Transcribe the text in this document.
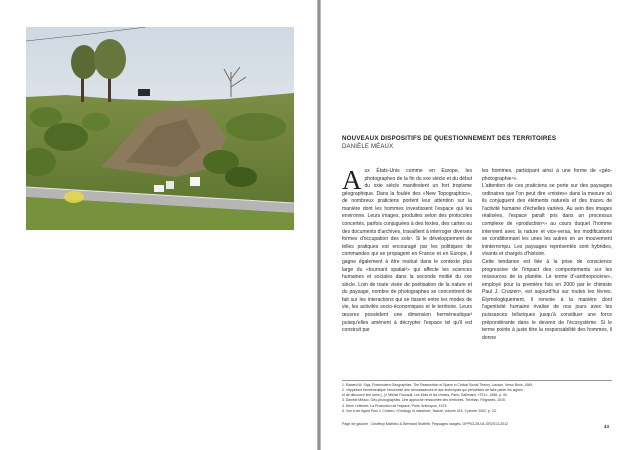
NOUVEAUX DISPOSITIFS DE QUESTIONNEMENT DES TERRITOIRES
DANIÈLE MÉAUX

Aux États-Unis comme en Europe, les photographes de la fin du xxe siècle et du début du xxie siècle manifestent un fort tropisme géographique. Dans la foulée des «New Topographics», de nombreux praticiens portent leur attention sur la manière dont les hommes investissent l'espace qui les environne. Leurs images, produites selon des protocoles concertés, parfois conjuguées à des textes, des cartes ou des documents d'archives, travaillent à interroger diverses formes d'occupation des sols¹. Si le développement de telles pratiques est encouragé par les politiques de commandes qui se propagent en France et en Europe, il gagne également à être resitué dans le contexte plus large du «tournant spatial²» qui affecte les sciences humaines et sociales dans la seconde moitié du xxe siècle. Loin de toute visée de poétisation de la nature et du paysage, nombre de photographes se concentrent de fait sur les interactions qui se tissent entre les modes de vie, les activités socio-économiques et le territoire. Leurs œuvres possèdent une dimension herméneutique³ puisqu'elles amènent à décrypter l'espace tel qu'il est construit par

les hommes, participant ainsi à une forme de «géo-photographie⁴».

L'attention de ces praticiens se porte sur des paysages ordinaires que l'on peut dire «mixtes» dans la mesure où ils conjuguent des éléments naturels et des traces de l'activité humaine d'échelles variées. Au sein des images réalisées, l'espace paraît pris dans un processus complexe de «production⁵» au cours duquel l'homme intervient avec la nature et vice-versa, les modifications se conditionnant les unes les autres en un mouvement ininterrompu. Les paysages représentés sont hybrides, vivants et chargés d'histoire.

Cette tendance est liée à la prise de conscience progressive de l'impact des comportements sur les ressources de la planète. Le terme d'«anthropocène», employé pour la première fois en 2000 par le chimiste Paul J. Crutzen⁶, est aujourd'hui sur toutes les lèvres. Étymologiquement, il renvoie à la manière dont l'agentivité humaine rivalise de nos jours avec les puissances telluriques jusqu'à constituer une force prépondérante dans le devenir de l'écosystème. Si le terme pointe à juste titre la responsabilité des hommes, il donne

1. Edward W. Soja, Postmodern Geographies. The Reassertion of Space in Critical Social Theory, London, Verso Book, 1989.

2. «Appelons herméneutique l'ensemble des connaissances et des techniques qui permettent de faire parler les signes

et de découvrir leur sens [...]» Michel Foucault, Les Mots et les choses, Paris, Gallimard, «TEL», 1966, p. 44.

3. Danièle Méaux, Géo-photographies. Une approche renouvelée des territoires, Trézélan, Filigranes, 2015.

4. Henri Lefebvre, La Production de l'espace, Paris, Anthropos, 1974.

5. Voir à cet égard Paul J. Crutzen, «Geology of mankind», Nature, volume 415, 3 janvier 2002, p. 23.

Page de gauche : Geoffroy Mathieu & Bertrand Stofleth, Paysages usagés, OPP03-28-04-GR2013-2012	43
